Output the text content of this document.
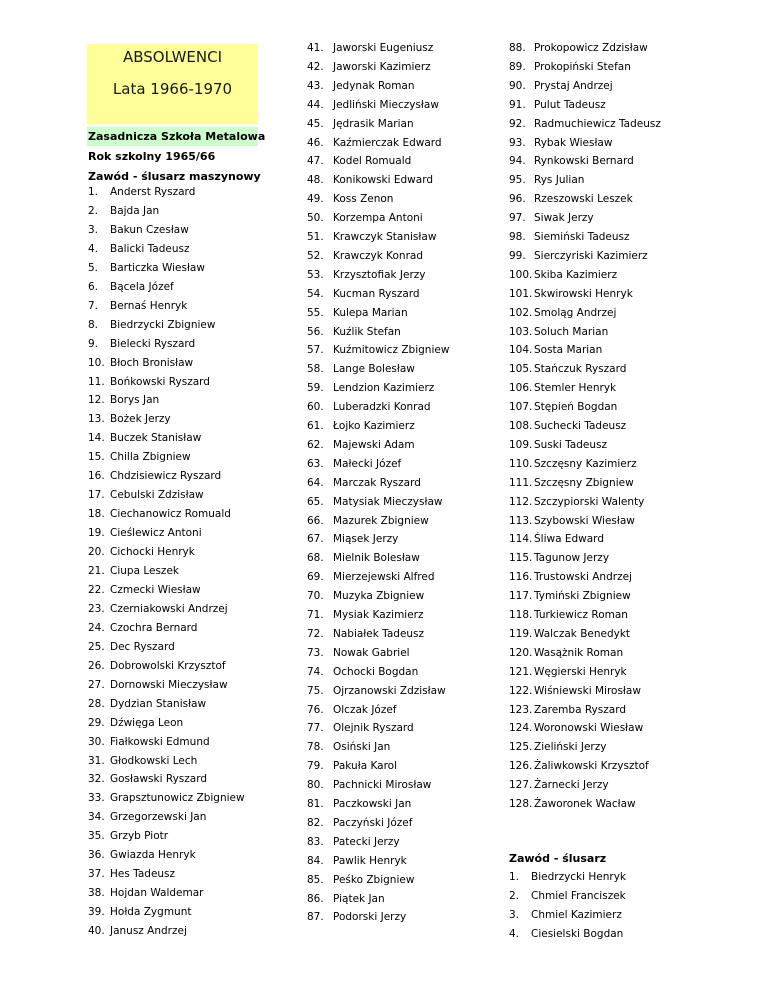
ABSOLWENCI
Lata 1966-1970
Zasadnicza Szkoła Metalowa
Rok szkolny 1965/66
Zawód - ślusarz maszynowy
Zawód - ślusarz
1. Anderst Ryszard
2. Bajda Jan
3. Bakun Czesław
4. Balicki Tadeusz
5. Barticzka Wiesław
6. Bącela Józef
7. Bernaś Henryk
8. Biedrzycki Zbigniew
9. Bielecki Ryszard
10. Błoch Bronisław
11. Bońkowski Ryszard
12. Borys Jan
13. Bożek Jerzy
14. Buczek Stanisław
15. Chilla Zbigniew
16. Chdzisiewicz Ryszard
17. Cebulski Zdzisław
18. Ciechanowicz Romuald
19. Cieślewicz Antoni
20. Cichocki Henryk
21. Ciupa Leszek
22. Czmecki Wiesław
23. Czerniakowski Andrzej
24. Czochra Bernard
25. Dec Ryszard
26. Dobrowolski Krzysztof
27. Dornowski Mieczysław
28. Dydzian Stanisław
29. Dźwięga Leon
30. Fiałkowski Edmund
31. Głodkowski Lech
32. Gosławski Ryszard
33. Grapsztunowicz Zbigniew
34. Grzegorzewski Jan
35. Grzyb Piotr
36. Gwiazda Henryk
37. Hes Tadeusz
38. Hojdan Waldemar
39. Hołda Zygmunt
40. Janusz Andrzej
41. Jaworski Eugeniusz
42. Jaworski Kazimierz
43. Jedynak Roman
44. Jedliński Mieczysław
45. Jędrasik Marian
46. Kaźmierczak Edward
47. Kodel Romuald
48. Konikowski Edward
49. Koss Zenon
50. Korzempa Antoni
51. Krawczyk Stanisław
52. Krawczyk Konrad
53. Krzysztofiak Jerzy
54. Kucman Ryszard
55. Kulepa Marian
56. Kuźlik Stefan
57. Kuźmitowicz Zbigniew
58. Lange Bolesław
59. Lendzion Kazimierz
60. Luberadzki Konrad
61. Łojko Kazimierz
62. Majewski Adam
63. Małecki Józef
64. Marczak Ryszard
65. Matysiak Mieczysław
66. Mazurek Zbigniew
67. Miąsek Jerzy
68. Mielnik Bolesław
69. Mierzejewski Alfred
70. Muzyka Zbigniew
71. Mysiak Kazimierz
72. Nabiałek Tadeusz
73. Nowak Gabriel
74. Ochocki Bogdan
75. Ojrzanowski Zdzisław
76. Olczak Józef
77. Olejnik Ryszard
78. Osiński Jan
79. Pakuła Karol
80. Pachnicki Mirosław
81. Paczkowski Jan
82. Paczyński Józef
83. Patecki Jerzy
84. Pawlik Henryk
85. Peśko Zbigniew
86. Piątek Jan
87. Podorski Jerzy
88. Prokopowicz Zdzisław
89. Prokopiński Stefan
90. Prystaj Andrzej
91. Pulut Tadeusz
92. Radmuchiewicz Tadeusz
93. Rybak Wiesław
94. Rynkowski Bernard
95. Rys Julian
96. Rzeszowski Leszek
97. Siwak Jerzy
98. Siemiński Tadeusz
99. Sierczyriski Kazimierz
100. Skiba Kazimierz
101. Skwirowski Henryk
102. Smoląg Andrzej
103. Soluch Marian
104. Sosta Marian
105. Stańczuk Ryszard
106. Stemler Henryk
107. Stępień Bogdan
108. Suchecki Tadeusz
109. Suski Tadeusz
110. Szczęsny Kazimierz
111. Szczęsny Zbigniew
112. Szczypiorski Walenty
113. Szybowski Wiesław
114. Śliwa Edward
115. Tagunow Jerzy
116. Trustowski Andrzej
117. Tymiński Zbigniew
118. Turkiewicz Roman
119. Walczak Benedykt
120. Wasążnik Roman
121. Węgierski Henryk
122. Wiśniewski Mirosław
123. Zaremba Ryszard
124. Woronowski Wiesław
125. Zieliński Jerzy
126. Żaliwkowski Krzysztof
127. Żarnecki Jerzy
128. Żaworonek Wacław
1. Biedrzycki Henryk
2. Chmiel Franciszek
3. Chmiel Kazimierz
4. Ciesielski Bogdan
